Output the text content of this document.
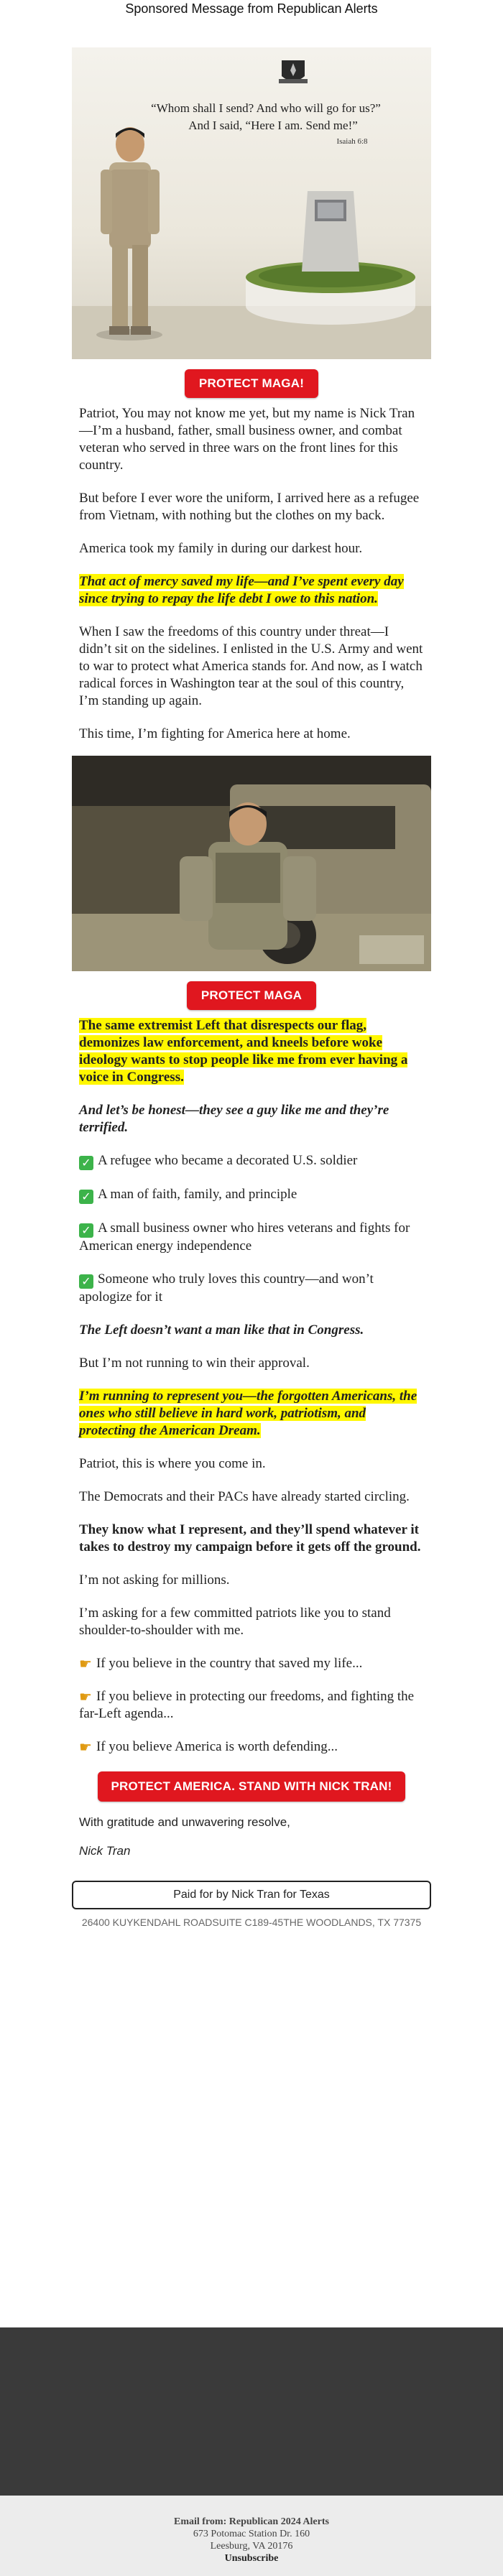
Sponsored Message from Republican Alerts
“Whom shall I send? And who will go for us?”
And I said, “Here I am. Send me!”
Isaiah 6:8
PROTECT MAGA!

Patriot, You may not know me yet, but my name is Nick Tran—I’m a husband, father, small business owner, and combat veteran who served in three wars on the front lines for this country.

But before I ever wore the uniform, I arrived here as a refugee from Vietnam, with nothing but the clothes on my back.

America took my family in during our darkest hour.

That act of mercy saved my life—and I’ve spent every day since trying to repay the life debt I owe to this nation.

When I saw the freedoms of this country under threat—I didn’t sit on the sidelines. I enlisted in the U.S. Army and went to war to protect what America stands for. And now, as I watch radical forces in Washington tear at the soul of this country, I’m standing up again.

This time, I’m fighting for America here at home.

PROTECT MAGA

The same extremist Left that disrespects our flag, demonizes law enforcement, and kneels before woke ideology wants to stop people like me from ever having a voice in Congress.

And let’s be honest—they see a guy like me and they’re terrified.

✓ A refugee who became a decorated U.S. soldier

✓ A man of faith, family, and principle

✓ A small business owner who hires veterans and fights for American energy independence

✓ Someone who truly loves this country—and won’t apologize for it

The Left doesn’t want a man like that in Congress.

But I’m not running to win their approval.

I’m running to represent you—the forgotten Americans, the ones who still believe in hard work, patriotism, and protecting the American Dream.

Patriot, this is where you come in.

The Democrats and their PACs have already started circling.

They know what I represent, and they’ll spend whatever it takes to destroy my campaign before it gets off the ground.

I’m not asking for millions.

I’m asking for a few committed patriots like you to stand shoulder-to-shoulder with me.

☛ If you believe in the country that saved my life...

☛ If you believe in protecting our freedoms, and fighting the far-Left agenda...

☛ If you believe America is worth defending...

PROTECT AMERICA. STAND WITH NICK TRAN!

With gratitude and unwavering resolve,

Nick Tran

Paid for by Nick Tran for Texas
26400 KUYKENDAHL ROADSUITE C189-45THE WOODLANDS, TX 77375
Email from: Republican 2024 Alerts
673 Potomac Station Dr. 160
Leesburg, VA 20176
Unsubscribe
